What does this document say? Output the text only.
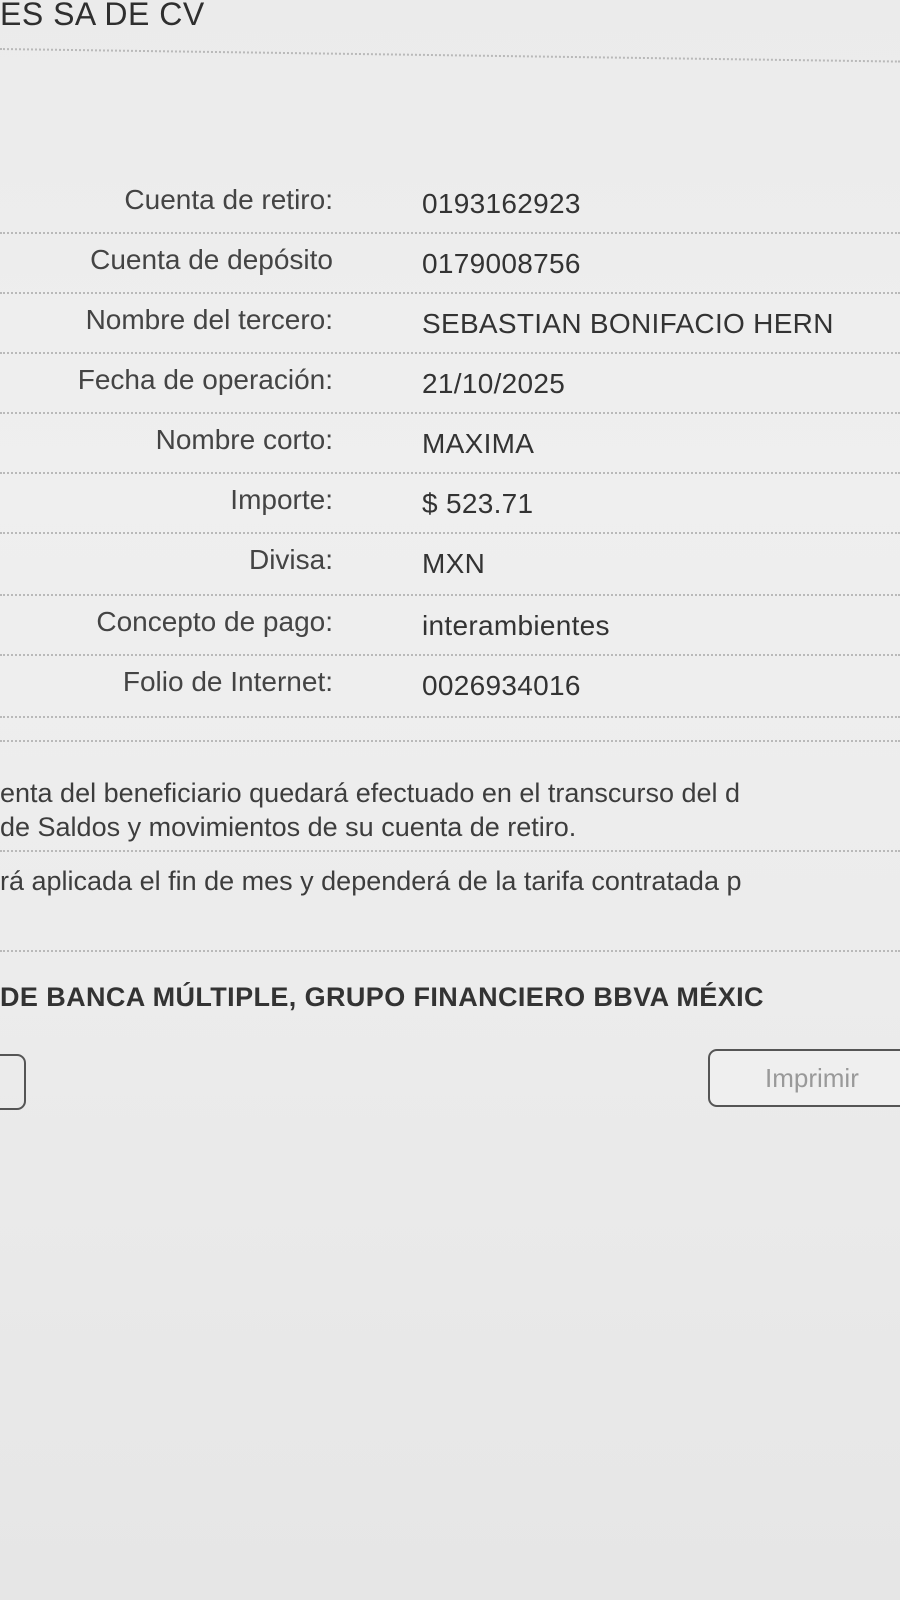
ES SA DE CV
Cuenta de retiro:	0193162923
Cuenta de depósito	0179008756
Nombre del tercero:	SEBASTIAN BONIFACIO HERN
Fecha de operación:	21/10/2025
Nombre corto:	MAXIMA
Importe:	$ 523.71
Divisa:	MXN
Concepto de pago:	interambientes
Folio de Internet:	0026934016
enta del beneficiario quedará efectuado en el transcurso del d
de Saldos y movimientos de su cuenta de retiro.
rá aplicada el fin de mes y dependerá de la tarifa contratada p
DE BANCA MÚLTIPLE, GRUPO FINANCIERO BBVA MÉXIC
Imprimir
